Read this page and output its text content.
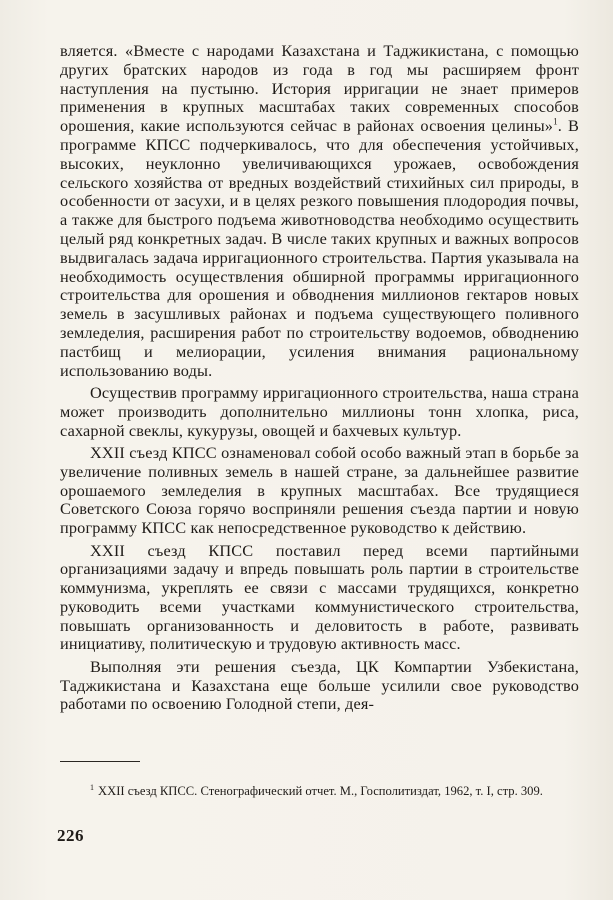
вляется. «Вместе с народами Казахстана и Таджикистана, с помощью других братских народов из года в год мы расширяем фронт наступления на пустыню. История ирригации не знает примеров применения в крупных масштабах таких современных способов орошения, какие используются сейчас в районах освоения целины»$^1$. В программе КПСС подчеркивалось, что для обеспечения устойчивых, высоких, неуклонно увеличивающихся урожаев, освобождения сельского хозяйства от вредных воздействий стихийных сил природы, в особенности от засухи, и в целях резкого повышения плодородия почвы, а также для быстрого подъема животноводства необходимо осуществить целый ряд конкретных задач. В числе таких крупных и важных вопросов выдвигалась задача ирригационного строительства. Партия указывала на необходимость осуществления обширной программы ирригационного строительства для орошения и обводнения миллионов гектаров новых земель в засушливых районах и подъема существующего поливного земледелия, расширения работ по строительству водоемов, обводнению пастбищ и мелиорации, усиления внимания рациональному использованию воды.

Осуществив программу ирригационного строительства, наша страна может производить дополнительно миллионы тонн хлопка, риса, сахарной свеклы, кукурузы, овощей и бахчевых культур.

XXII съезд КПСС ознаменовал собой особо важный этап в борьбе за увеличение поливных земель в нашей стране, за дальнейшее развитие орошаемого земледелия в крупных масштабах. Все трудящиеся Советского Союза горячо восприняли решения съезда партии и новую программу КПСС как непосредственное руководство к действию.

XXII съезд КПСС поставил перед всеми партийными организациями задачу и впредь повышать роль партии в строительстве коммунизма, укреплять ее связи с массами трудящихся, конкретно руководить всеми участками коммунистического строительства, повышать организованность и деловитость в работе, развивать инициативу, политическую и трудовую активность масс.

Выполняя эти решения съезда, ЦК Компартии Узбекистана, Таджикистана и Казахстана еще больше усилили свое руководство работами по освоению Голодной степи, дея-

$^1$ XXII съезд КПСС. Стенографический отчет. М., Госполитиздат, 1962, т. I, стр. 309.
226
